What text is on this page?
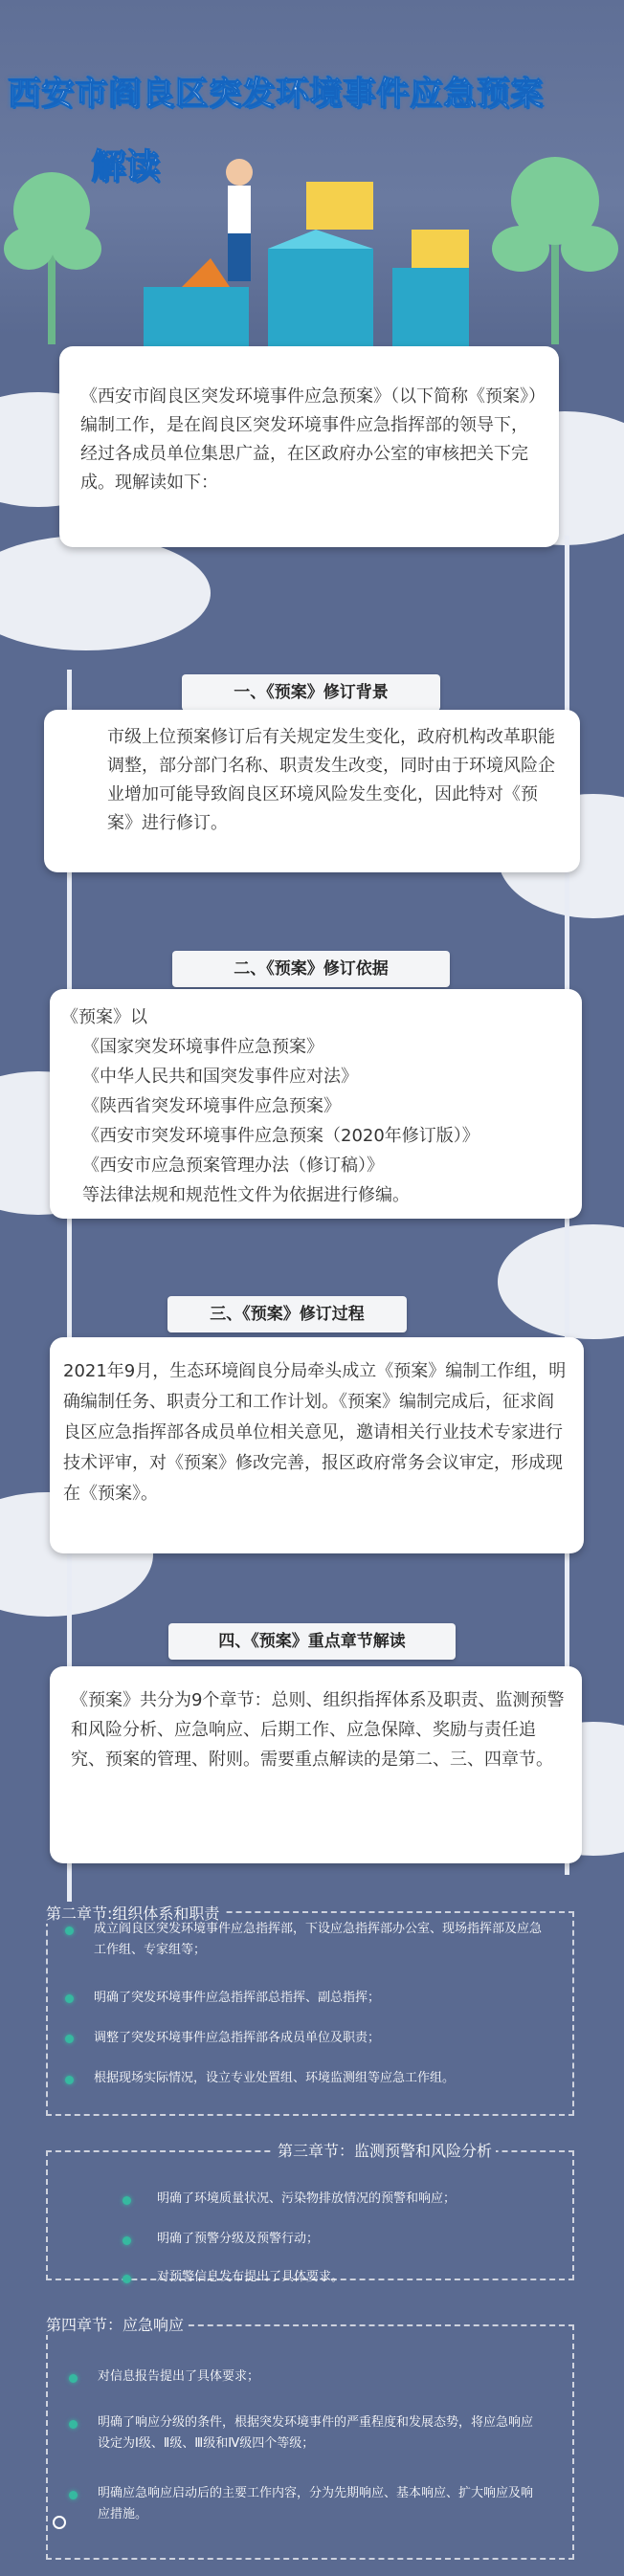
西安市阎良区突发环境事件应急预案
解读
《西安市阎良区突发环境事件应急预案》（以下简称《预案》）编制工作，是在阎良区突发环境事件应急指挥部的领导下，经过各成员单位集思广益，在区政府办公室的审核把关下完成。现解读如下：
一、《预案》修订背景
市级上位预案修订后有关规定发生变化，政府机构改革职能调整，部分部门名称、职责发生改变，同时由于环境风险企业增加可能导致阎良区环境风险发生变化，因此特对《预案》进行修订。
二、《预案》修订依据
《预案》以
《国家突发环境事件应急预案》
《中华人民共和国突发事件应对法》
《陕西省突发环境事件应急预案》
《西安市突发环境事件应急预案（2020年修订版）》
《西安市应急预案管理办法（修订稿）》
等法律法规和规范性文件为依据进行修编。
三、《预案》修订过程
2021年9月，生态环境阎良分局牵头成立《预案》编制工作组，明确编制任务、职责分工和工作计划。《预案》编制完成后，征求阎良区应急指挥部各成员单位相关意见，邀请相关行业技术专家进行技术评审，对《预案》修改完善，报区政府常务会议审定，形成现在《预案》。
四、《预案》重点章节解读
《预案》共分为9个章节：总则、组织指挥体系及职责、监测预警和风险分析、应急响应、后期工作、应急保障、奖励与责任追究、预案的管理、附则。需要重点解读的是第二、三、四章节。
第二章节:组织体系和职责
成立阎良区突发环境事件应急指挥部，下设应急指挥部办公室、现场指挥部及应急工作组、专家组等；
明确了突发环境事件应急指挥部总指挥、副总指挥；
调整了突发环境事件应急指挥部各成员单位及职责；
根据现场实际情况，设立专业处置组、环境监测组等应急工作组。
第三章节：监测预警和风险分析
明确了环境质量状况、污染物排放情况的预警和响应；
明确了预警分级及预警行动；
对预警信息发布提出了具体要求。
第四章节：应急响应
对信息报告提出了具体要求；
明确了响应分级的条件，根据突发环境事件的严重程度和发展态势，将应急响应设定为Ⅰ级、Ⅱ级、Ⅲ级和Ⅳ级四个等级；
明确应急响应启动后的主要工作内容，分为先期响应、基本响应、扩大响应及响应措施。
